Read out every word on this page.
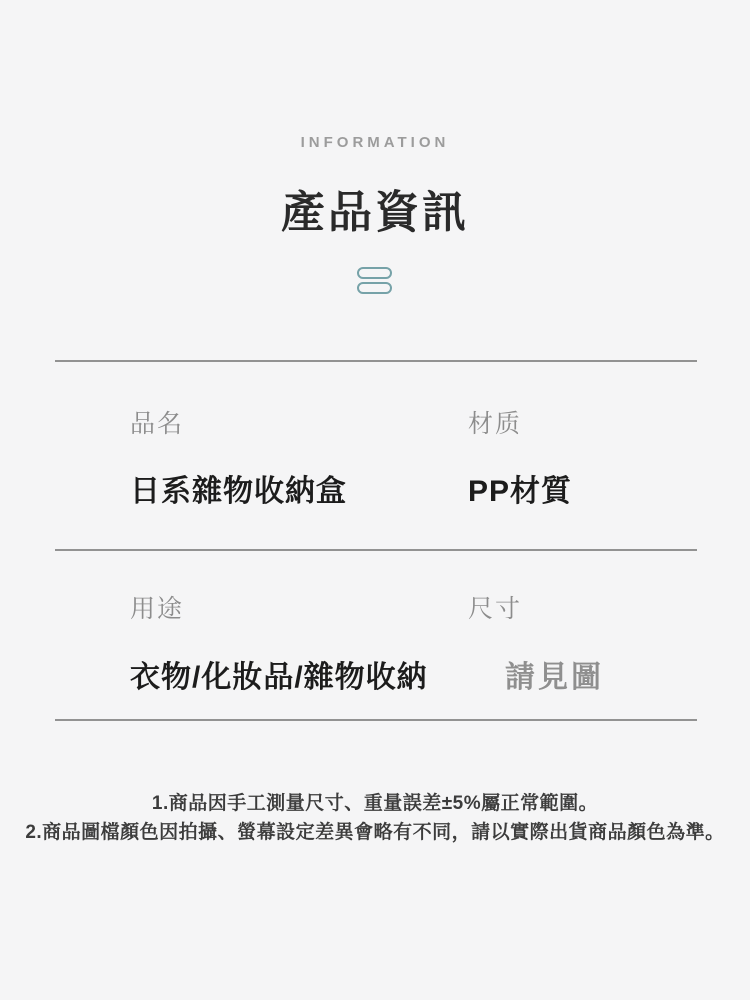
INFORMATION
產品資訊
品名	材质
日系雜物收納盒	PP材質
用途	尺寸
衣物/化妝品/雜物收納	請見圖
1.商品因手工測量尺寸、重量誤差±5%屬正常範圍。
2.商品圖檔顏色因拍攝、螢幕設定差異會略有不同，請以實際出貨商品顏色為準。
